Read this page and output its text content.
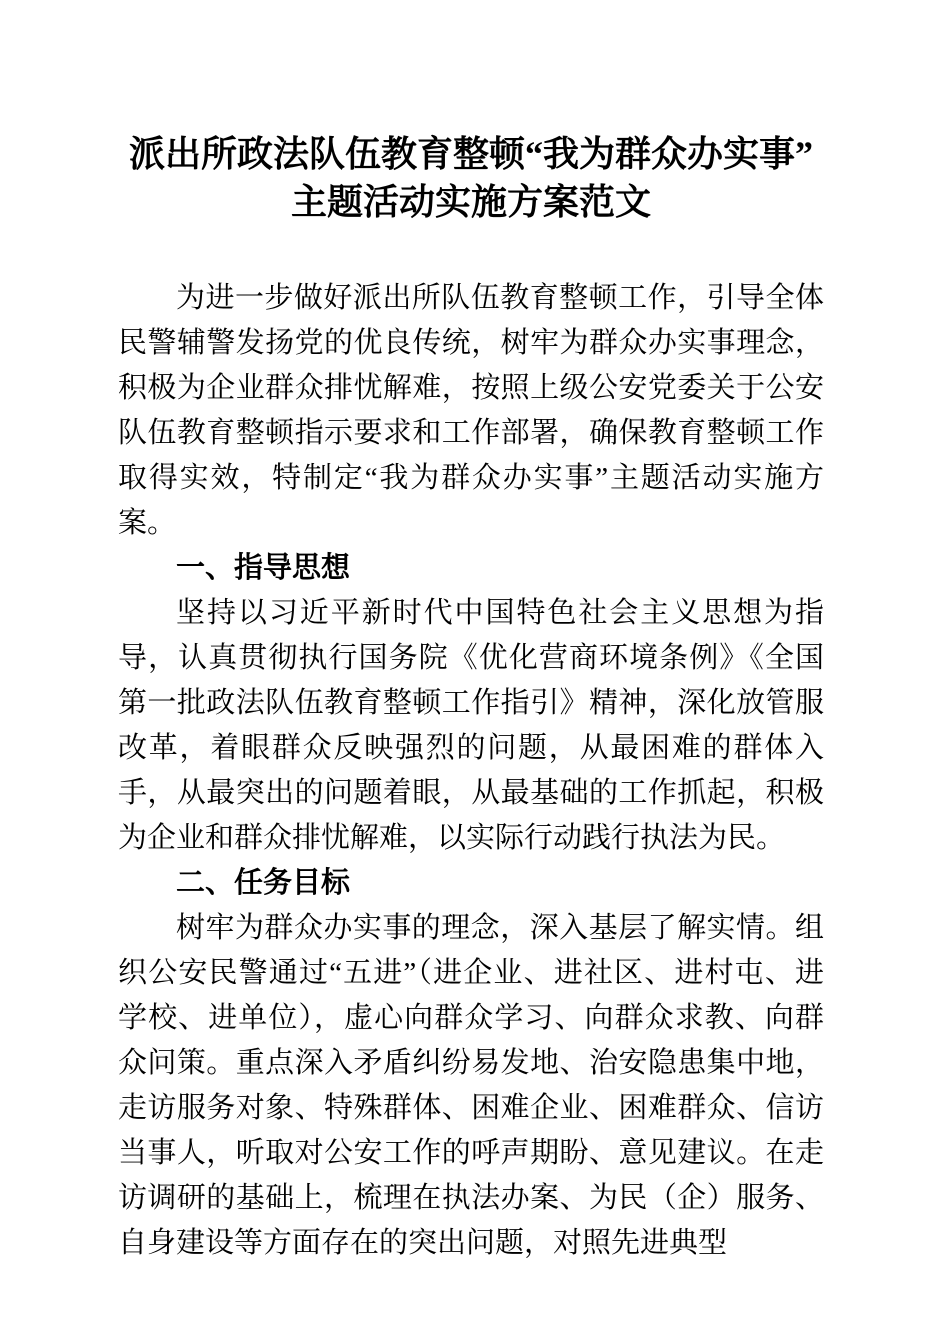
派出所政法队伍教育整顿“我为群众办实事”
主题活动实施方案范文

为进一步做好派出所队伍教育整顿工作，引导全体民警辅警发扬党的优良传统，树牢为群众办实事理念，积极为企业群众排忧解难，按照上级公安党委关于公安队伍教育整顿指示要求和工作部署，确保教育整顿工作取得实效，特制定“我为群众办实事”主题活动实施方案。

一、指导思想

坚持以习近平新时代中国特色社会主义思想为指导，认真贯彻执行国务院《优化营商环境条例》《全国第一批政法队伍教育整顿工作指引》精神，深化放管服改革，着眼群众反映强烈的问题，从最困难的群体入手，从最突出的问题着眼，从最基础的工作抓起，积极为企业和群众排忧解难，以实际行动践行执法为民。

二、任务目标

树牢为群众办实事的理念，深入基层了解实情。组织公安民警通过“五进”（进企业、进社区、进村屯、进学校、进单位），虚心向群众学习、向群众求教、向群众问策。重点深入矛盾纠纷易发地、治安隐患集中地，走访服务对象、特殊群体、困难企业、困难群众、信访当事人，听取对公安工作的呼声期盼、意见建议。在走访调研的基础上，梳理在执法办案、为民（企）服务、自身建设等方面存在的突出问题，对照先进典型
